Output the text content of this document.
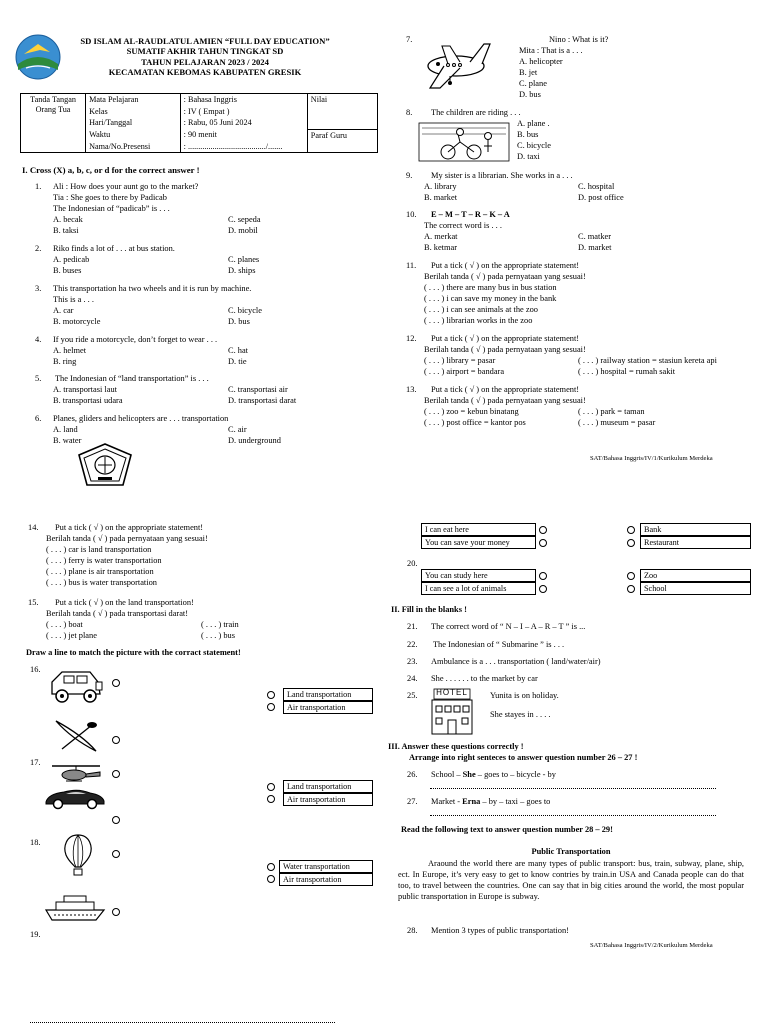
SD ISLAM AL-RAUDLATUL AMIEN “FULL DAY EDUCATION”
SUMATIF AKHIR TAHUN TINGKAT SD
TAHUN PELAJARAN 2023 / 2024
KECAMATAN KEBOMAS KABUPATEN GRESIK
Tanda Tangan Orang Tua	Mata Pelajaran	: Bahasa Inggris	Nilai
	Kelas	: IV ( Empat )	
	Hari/Tanggal	: Rabu, 05 Juni 2024	
	Waktu	: 90 menit	Paraf Guru
	Nama/No.Presensi	: ....................................../.......	
I. Cross (X) a, b, c, or d for the correct answer !
1. Ali : How does your aunt go to the market?
Tia : She goes to there by Padicab
The Indonesian of “padicab” is . . .
A. becak	C. sepeda
B. taksi	D. mobil
2. Riko finds a lot of . . . at bus station.
A. pedicab	C. planes
B. buses	D. ships
3. This transportation ha two wheels and it is run by machine.
This is a . . .
A. car	C. bicycle
B. motorcycle	D. bus
4. If you ride a motorcycle, don’t forget to wear . . .
A. helmet	C. hat
B. ring	D. tie
5. The Indonesian of “land transportation” is . . .
A. transportasi laut	C. transportasi air
B. transportasi udara	D. transportasi darat
6. Planes, gliders and helicopters are . . . transportation
A. land	C. air
B. water	D. underground
7.	Nino : What is it?
Mita : That is a . . .
A. helicopter
B. jet
C. plane
D. bus
8. The children are riding . . .
A. plane .
B. bus
C. bicycle
D. taxi
9. My sister is a librarian. She works in a . . .
A. library	C. hospital
B. market	D. post office
10. E – M – T – R – K – A
The correct word is . . .
A. merkat	C. matker
B. ketmar	D. market
11. Put a tick ( √ ) on the appropriate statement!
Berilah tanda ( √ ) pada pernyataan yang sesuai!
( . . . ) there are many bus in bus station
( . . . ) i can save my money in the bank
( . . . ) i can see animals at the zoo
( . . . ) librarian works in the zoo
12. Put a tick ( √ ) on the appropriate statement!
Berilah tanda ( √ ) pada pernyataan yang sesuai!
( . . . ) library = pasar	( . . . ) railway station = stasiun kereta api
( . . . ) airport = bandara	( . . . ) hospital = rumah sakit
13. Put a tick ( √ ) on the appropriate statement!
Berilah tanda ( √ ) pada pernyataan yang sesuai!
( . . . ) zoo = kebun binatang	( . . . ) park = taman
( . . . ) post office = kantor pos	( . . . ) museum = pasar
SAT/Bahasa Inggris/IV/1/Kurikulum Merdeka
14. Put a tick ( √ ) on the appropriate statement!
Berilah tanda ( √ ) pada pernyataan yang sesuai!
( . . . ) car is land transportation
( . . . ) ferry is water transportation
( . . . ) plane is air transportation
( . . . ) bus is water transportation
15. Put a tick ( √ ) on the land transportation!
Berilah tanda ( √ ) pada transportasi darat!
( . . . ) boat	( . . . ) train
( . . . ) jet plane	( . . . ) bus
Draw a line to match the picture with the corract statement!
16.
Land transportation
Air transportation
17.
Land transportation
Air transportation
18.
Water transportation
Air transportation
19.
I can eat here
You can save your money
Bank
Restaurant
20.
You can study here
I can see a lot of animals
Zoo
School
II. Fill in the blanks !
21. The correct word of “ N – I – A – R – T ” is ...
22. The Indonesian of “ Submarine ” is . . .
23. Ambulance is a . . . transportation ( land/water/air)
24. She . . . . . . to the market by car
25.	HOTEL	Yunita is on holiday.
She stayes in . . . .
III. Answer these questions correctly !
Arrange into right senteces to answer question number 26 – 27 !
26. School – She – goes to – bicycle - by
27. Market - Erna – by – taxi – goes to
Read the following text to answer question number 28 – 29!
Public Transportation
Araound the world there are many types of public transport: bus, train, subway, plane, ship, ect. In Europe, it’s very easy to get to know contries by train.in USA and Canada people can do that too, to travel between the countries. One can say that in big cities around the world, the most popular public transportation in Europe is subway.
28. Mention 3 types of public transportation!
SAT/Bahasa Inggris/IV/2/Kurikulum Merdeka
